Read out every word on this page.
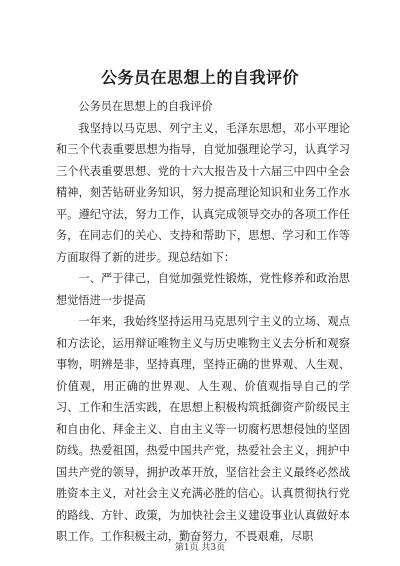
公务员在思想上的自我评价

公务员在思想上的自我评价

我坚持以马克思、列宁主义，毛泽东思想，邓小平理论和三个代表重要思想为指导，自觉加强理论学习，认真学习三个代表重要思想、党的十六大报告及十六届三中四中全会精神，刻苦钻研业务知识，努力提高理论知识和业务工作水平。遵纪守法，努力工作，认真完成领导交办的各项工作任务，在同志们的关心、支持和帮助下，思想、学习和工作等方面取得了新的进步。现总结如下：

一、严于律己，自觉加强党性锻炼，党性修养和政治思想觉悟进一步提高

一年来，我始终坚持运用马克思列宁主义的立场、观点和方法论，运用辩证唯物主义与历史唯物主义去分析和观察事物，明辨是非，坚持真理，坚持正确的世界观、人生观、价值观，用正确的世界观、人生观、价值观指导自己的学习、工作和生活实践，在思想上积极构筑抵御资产阶级民主和自由化、拜金主义、自由主义等一切腐朽思想侵蚀的坚固防线。热爱祖国，热爱中国共产党，热爱社会主义，拥护中国共产党的领导，拥护改革开放，坚信社会主义最终必然战胜资本主义，对社会主义充满必胜的信心。认真贯彻执行党的路线、方针、政策，为加快社会主义建设事业认真做好本职工作。工作积极主动，勤奋努力，不畏艰难，尽职

第1页 共3页
